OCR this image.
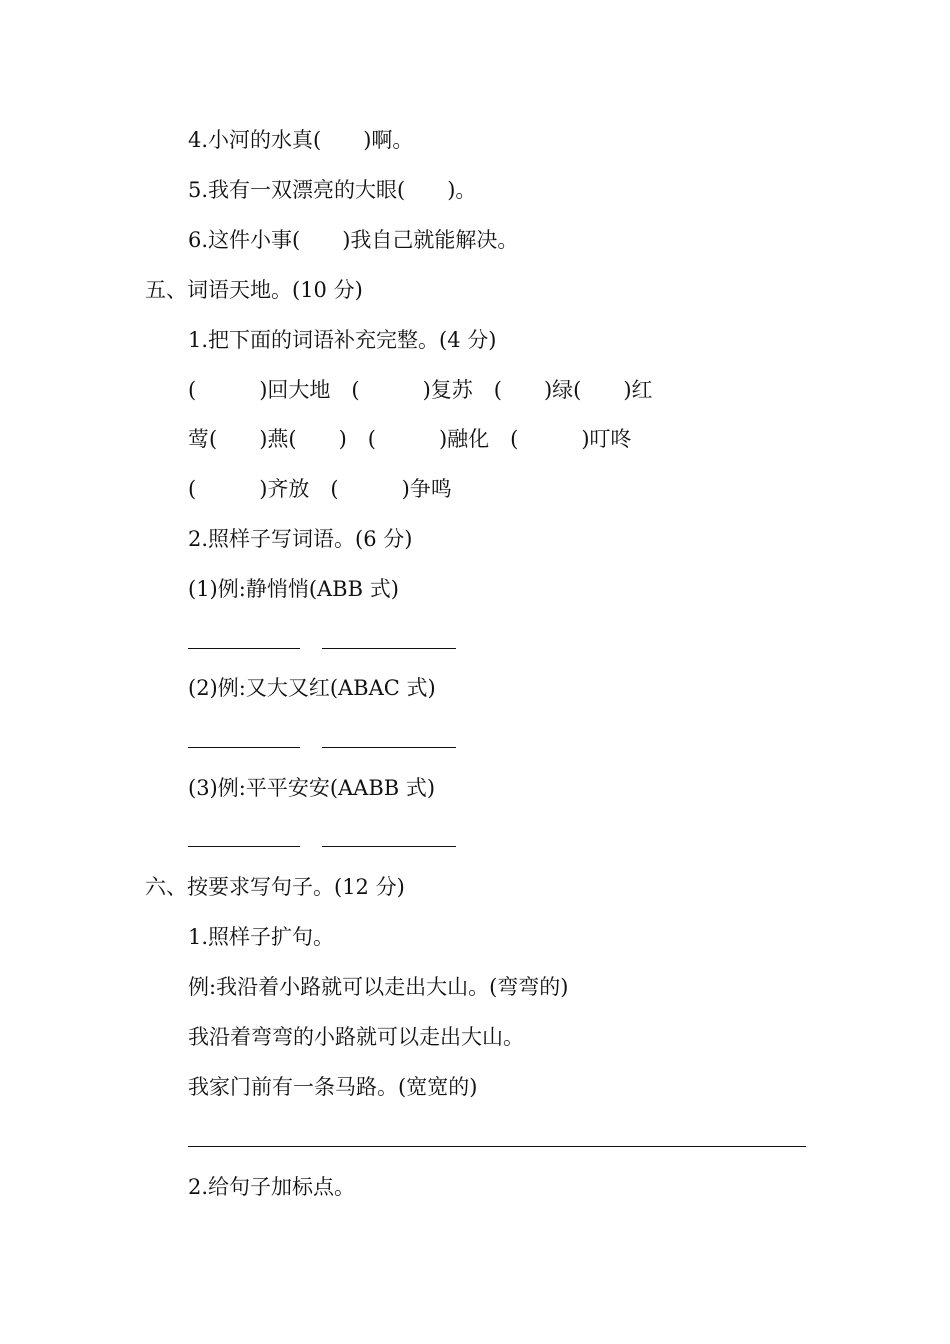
4.小河的水真(　　)啊。
5.我有一双漂亮的大眼(　　)。
6.这件小事(　　)我自己就能解决。
五、词语天地。(10 分)
1.把下面的词语补充完整。(4 分)
(　　　)回大地　(　　　)复苏　(　　)绿(　　)红
莺(　　)燕(　　)　(　　　)融化　(　　　)叮咚
(　　　)齐放　(　　　)争鸣
2.照样子写词语。(6 分)
(1)例:静悄悄(ABB 式)
(2)例:又大又红(ABAC 式)
(3)例:平平安安(AABB 式)
六、按要求写句子。(12 分)
1.照样子扩句。
例:我沿着小路就可以走出大山。(弯弯的)
我沿着弯弯的小路就可以走出大山。
我家门前有一条马路。(宽宽的)
2.给句子加标点。
